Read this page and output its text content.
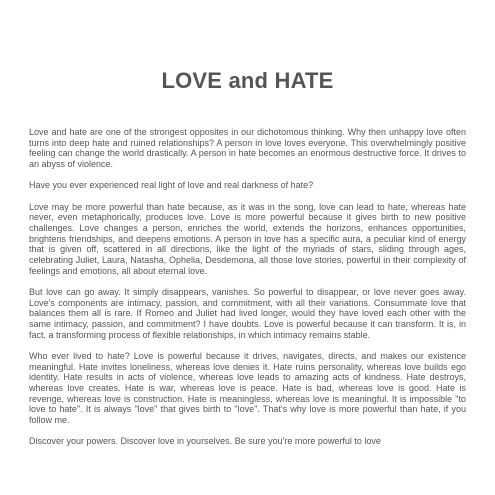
LOVE and HATE

Love and hate are one of the strongest opposites in our dichotomous thinking. Why then unhappy love often turns into deep hate and ruined relationships? A person in love loves everyone. This overwhelmingly positive feeling can change the world drastically. A person in hate becomes an enormous destructive force. It drives to an abyss of violence.

Have you ever experienced real light of love and real darkness of hate?

Love may be more powerful than hate because, as it was in the song, love can lead to hate, whereas hate never, even metaphorically, produces love. Love is more powerful because it gives birth to new positive challenges. Love changes a person, enriches the world, extends the horizons, enhances opportunities, brightens friendships, and deepens emotions. A person in love has a specific aura, a peculiar kind of energy that is given off, scattered in all directions, like the light of the myriads of stars, sliding through ages, celebrating Juliet, Laura, Natasha, Ophelia, Desdemona, all those love stories, powerful in their complexity of feelings and emotions, all about eternal love.

But love can go away. It simply disappears, vanishes. So powerful to disappear, or love never goes away. Love's components are intimacy, passion, and commitment, with all their variations. Consummate love that balances them all is rare. If Romeo and Juliet had lived longer, would they have loved each other with the same intimacy, passion, and commitment? I have doubts. Love is powerful because it can transform. It is, in fact, a transforming process of flexible relationships, in which intimacy remains stable.

Who ever lived to hate? Love is powerful because it drives, navigates, directs, and makes our existence meaningful. Hate invites loneliness, whereas love denies it. Hate ruins personality, whereas love builds ego identity. Hate results in acts of violence, whereas love leads to amazing acts of kindness. Hate destroys, whereas love creates. Hate is war, whereas love is peace. Hate is bad, whereas love is good. Hate is revenge, whereas love is construction. Hate is meaningless, whereas love is meaningful. It is impossible "to love to hate". It is always "love" that gives birth to "love". That's why love is more powerful than hate, if you follow me.

Discover your powers. Discover love in yourselves. Be sure you're more powerful to love
